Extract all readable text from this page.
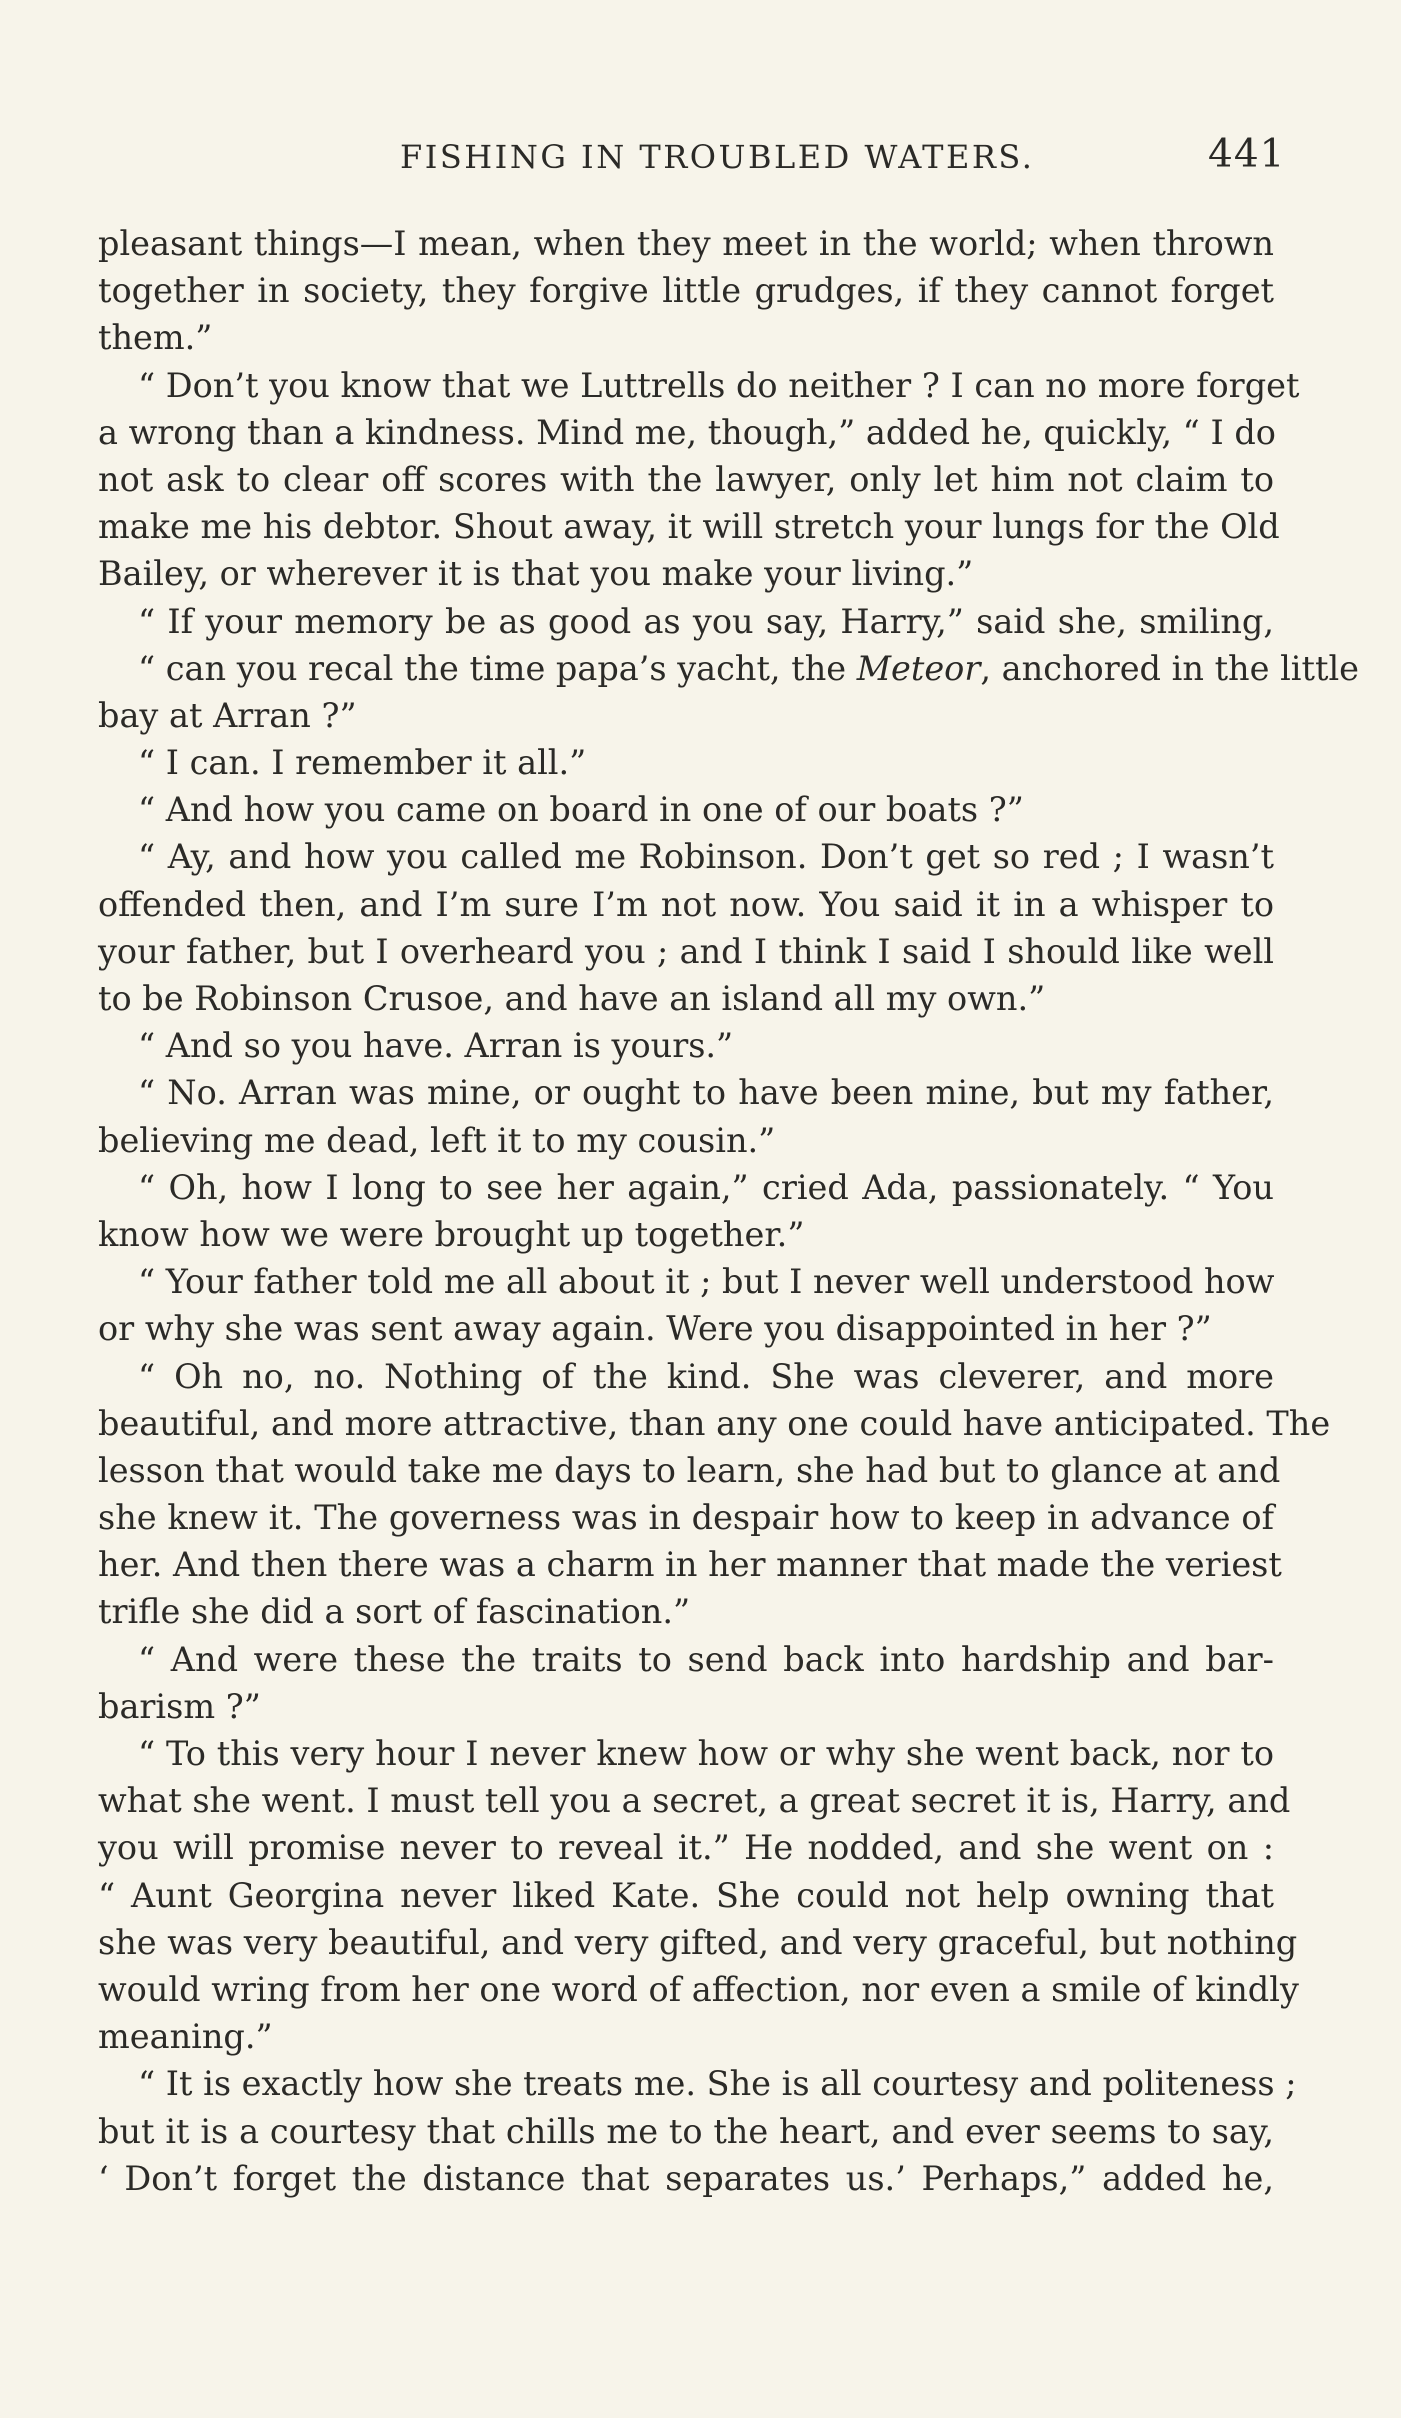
FISHING IN TROUBLED WATERS.	441
pleasant things—I mean, when they meet in the world; when thrown
together in society, they forgive little grudges, if they cannot forget
them.”
“ Don’t you know that we Luttrells do neither ? I can no more forget
a wrong than a kindness. Mind me, though,” added he, quickly, “ I do
not ask to clear off scores with the lawyer, only let him not claim to
make me his debtor. Shout away, it will stretch your lungs for the Old
Bailey, or wherever it is that you make your living.”
“ If your memory be as good as you say, Harry,” said she, smiling,
“ can you recal the time papa’s yacht, the Meteor, anchored in the little
bay at Arran ?”
“ I can. I remember it all.”
“ And how you came on board in one of our boats ?”
“ Ay, and how you called me Robinson. Don’t get so red ; I wasn’t
offended then, and I’m sure I’m not now. You said it in a whisper to
your father, but I overheard you ; and I think I said I should like well
to be Robinson Crusoe, and have an island all my own.”
“ And so you have. Arran is yours.”
“ No. Arran was mine, or ought to have been mine, but my father,
believing me dead, left it to my cousin.”
“ Oh, how I long to see her again,” cried Ada, passionately. “ You
know how we were brought up together.”
“ Your father told me all about it ; but I never well understood how
or why she was sent away again. Were you disappointed in her ?”
“ Oh no, no. Nothing of the kind. She was cleverer, and more
beautiful, and more attractive, than any one could have anticipated. The
lesson that would take me days to learn, she had but to glance at and
she knew it. The governess was in despair how to keep in advance of
her. And then there was a charm in her manner that made the veriest
trifle she did a sort of fascination.”
“ And were these the traits to send back into hardship and bar-
barism ?”
“ To this very hour I never knew how or why she went back, nor to
what she went. I must tell you a secret, a great secret it is, Harry, and
you will promise never to reveal it.” He nodded, and she went on :
“ Aunt Georgina never liked Kate. She could not help owning that
she was very beautiful, and very gifted, and very graceful, but nothing
would wring from her one word of affection, nor even a smile of kindly
meaning.”
“ It is exactly how she treats me. She is all courtesy and politeness ;
but it is a courtesy that chills me to the heart, and ever seems to say,
‘ Don’t forget the distance that separates us.’ Perhaps,” added he,
